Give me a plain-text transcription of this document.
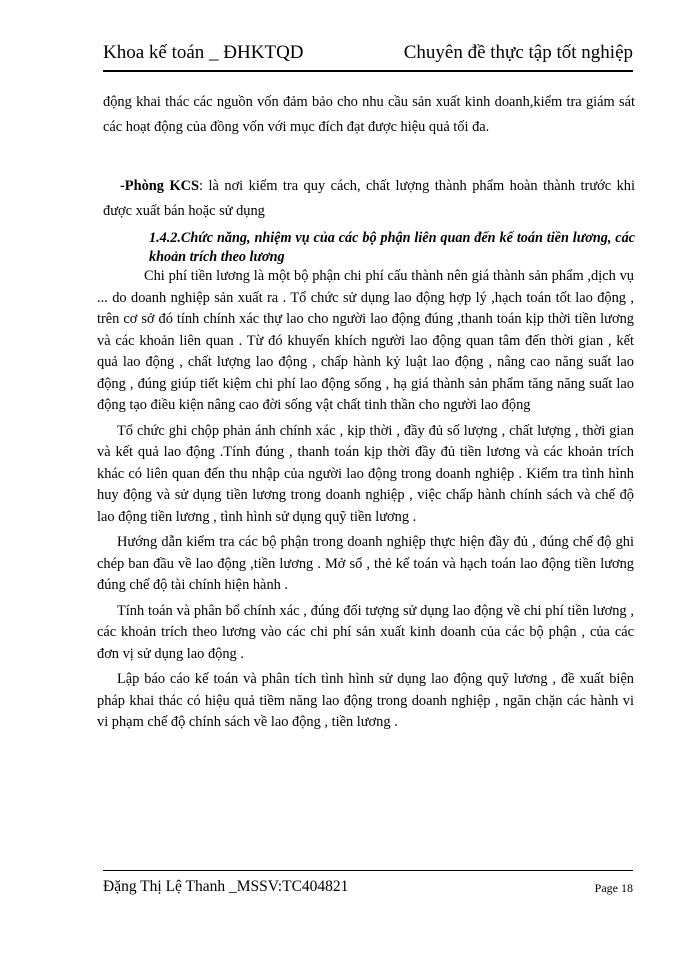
Khoa kế toán _ ĐHKTQD	Chuyên đề thực tập tốt nghiệp
động khai thác các nguồn vốn đảm bảo cho nhu cầu sản xuất kinh doanh,kiểm tra giám sát các hoạt động của đồng vốn với mục đích đạt được hiệu quả tối đa.
-Phòng KCS: là nơi kiểm tra quy cách, chất lượng thành phẩm hoàn thành trước khi được xuất bán hoặc sử dụng
1.4.2.Chức năng, nhiệm vụ của các bộ phận liên quan đến kế toán tiền lương, các khoản trích theo lương

Chi phí tiền lương là một bộ phận chi phí cấu thành nên giá thành sản phẩm ,dịch vụ ... do doanh nghiệp sản xuất ra . Tổ chức sử dụng lao động hợp lý ,hạch toán tốt lao động , trên cơ sở đó tính chính xác thự lao cho người lao động đúng ,thanh toán kịp thời tiền lương và các khoản liên quan . Từ đó khuyến khích người lao động quan tâm đến thời gian , kết quả lao động , chất lượng lao động , chấp hành kỷ luật lao động , nâng cao năng suất lao động , đúng giúp tiết kiệm chi phí lao động sống , hạ giá thành sản phẩm tăng năng suất lao động tạo điều kiện nâng cao đời sống vật chất tinh thần cho người lao động

Tổ chức ghi chộp phản ánh chính xác , kịp thời , đầy đủ số lượng , chất lượng , thời gian và kết quả lao động .Tính đúng , thanh toán kịp thời đầy đủ tiền lương và các khoản trích khác có liên quan đến thu nhập của người lao động trong doanh nghiệp . Kiểm tra tình hình huy động và sử dụng tiền lương trong doanh nghiệp , việc chấp hành chính sách và chế độ lao động tiền lương , tình hình sử dụng quỹ tiền lương .

Hướng dẫn kiểm tra các bộ phận trong doanh nghiệp thực hiện đầy đủ , đúng chế độ ghi chép ban đầu về lao động ,tiền lương . Mở sổ , thẻ kế toán và hạch toán lao động tiền lương đúng chế độ tài chính hiện hành .

Tính toán và phân bổ chính xác , đúng đối tượng sử dụng lao động về chi phí tiền lương , các khoản trích theo lương vào các chi phí sản xuất kinh doanh của các bộ phận , của các đơn vị sử dụng lao động .

Lập báo cáo kế toán và phân tích tình hình sử dụng lao động quỹ lương , đề xuất biện pháp khai thác có hiệu quả tiềm năng lao động trong doanh nghiệp , ngăn chặn các hành vi vi phạm chế độ chính sách về lao động , tiền lương .

Đặng Thị Lệ Thanh _MSSV:TC404821	Page 18
